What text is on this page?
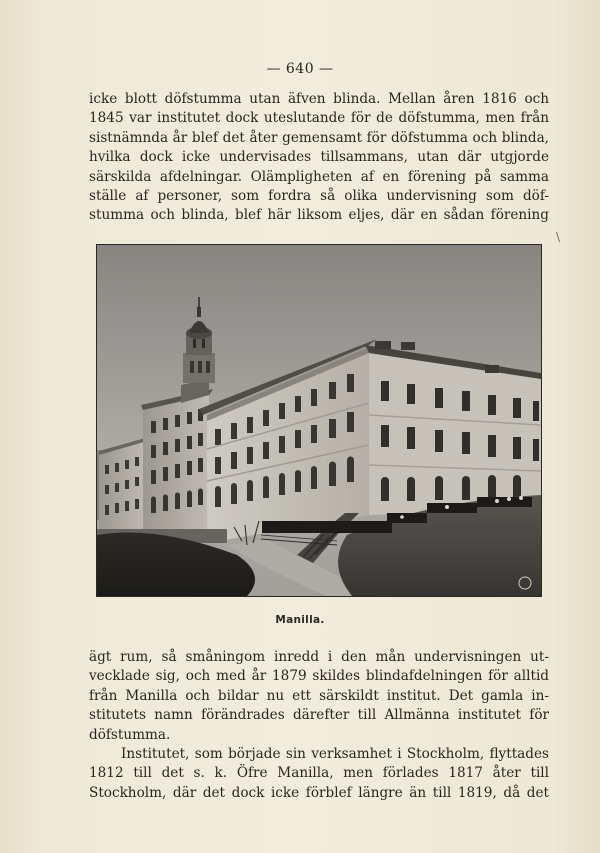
— 640 —
icke blott döfstumma utan äfven blinda. Mellan åren 1816 och
1845 var institutet dock uteslutande för de döfstumma, men från
sistnämnda år blef det åter gemensamt för döfstumma och blinda,
hvilka dock icke undervisades tillsammans, utan där utgjorde
särskilda afdelningar. Olämpligheten af en förening på samma
ställe af personer, som fordra så olika undervisning som döf-
stumma och blinda, blef här liksom eljes, där en sådan förening
\
Manilla.
ägt rum, så småningom inredd i den mån undervisningen ut-
vecklade sig, och med år 1879 skildes blindafdelningen för alltid
från Manilla och bildar nu ett särskildt institut. Det gamla in-
stitutets namn förändrades därefter till Allmänna institutet för
döfstumma.
Institutet, som började sin verksamhet i Stockholm, flyttades
1812 till det s. k. Öfre Manilla, men förlades 1817 åter till
Stockholm, där det dock icke förblef längre än till 1819, då det
